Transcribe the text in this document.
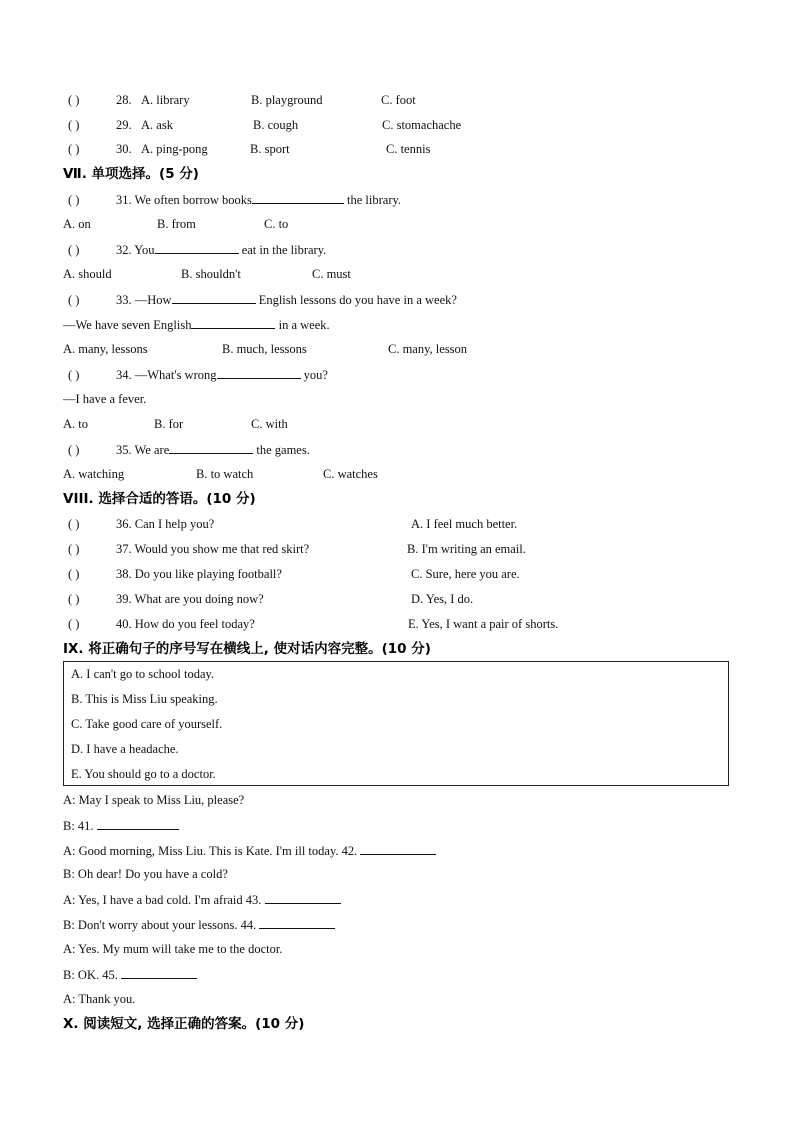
( )	28. A. library	B. playground	C. foot
( )	29. A. ask	B. cough	C. stomachache
( )	30. A. ping-pong	B. sport	C. tennis
Ⅶ. 单项选择。(5 分)
( )	31. We often borrow books	the library.
A. on	B. from	C. to
( )	32. You	eat in the library.
A. should	B. shouldn't	C. must
( )	33. —How	English lessons do you have in a week?
—We have seven English	in a week.
A. many, lessons	B. much, lessons	C. many, lesson
( )	34. —What's wrong	you?
—I have a fever.
A. to	B. for	C. with
( )	35. We are	the games.
A. watching	B. to watch	C. watches
VIII. 选择合适的答语。(10 分)
( )	36. Can I help you?	A. I feel much better.
( )	37. Would you show me that red skirt?	B. I'm writing an email.
( )	38. Do you like playing football?	C. Sure, here you are.
( )	39. What are you doing now?	D. Yes, I do.
( )	40. How do you feel today?	E. Yes, I want a pair of shorts.
IX. 将正确句子的序号写在横线上, 使对话内容完整。(10 分)
A. I can't go to school today.
B. This is Miss Liu speaking.
C. Take good care of yourself.
D. I have a headache.
E. You should go to a doctor.
A: May I speak to Miss Liu, please?
B: 41.
A: Good morning, Miss Liu. This is Kate. I'm ill today. 42.
B: Oh dear! Do you have a cold?
A: Yes, I have a bad cold. I'm afraid 43.
B: Don't worry about your lessons. 44.
A: Yes. My mum will take me to the doctor.
B: OK. 45.
A: Thank you.
X. 阅读短文, 选择正确的答案。(10 分)
